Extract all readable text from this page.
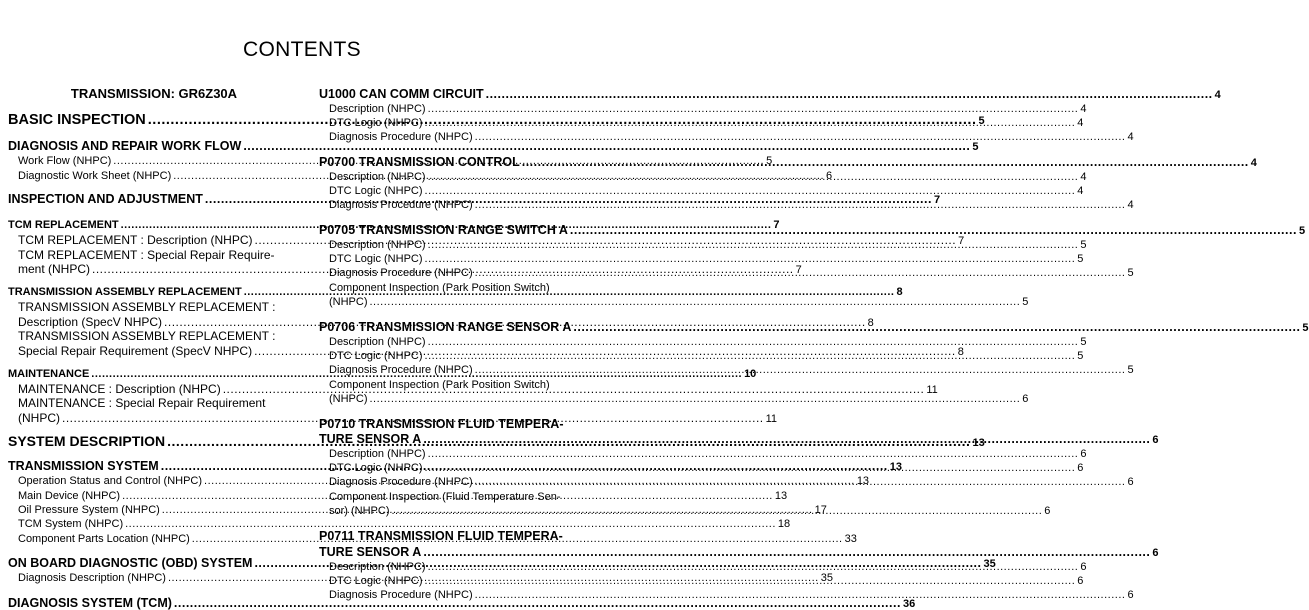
CONTENTS
TRANSMISSION: GR6Z30A
BASIC INSPECTION .....	5
DIAGNOSIS AND REPAIR WORK FLOW .....	5
Work Flow (NHPC) .....	5
Diagnostic Work Sheet (NHPC) .....	6
INSPECTION AND ADJUSTMENT .....	7
TCM REPLACEMENT .....	7
TCM REPLACEMENT : Description (NHPC) .....	7
TCM REPLACEMENT : Special Repair Require-
ment (NHPC) .....	7
TRANSMISSION ASSEMBLY REPLACEMENT .....	8
TRANSMISSION ASSEMBLY REPLACEMENT :
Description (SpecV NHPC) .....	8
TRANSMISSION ASSEMBLY REPLACEMENT :
Special Repair Requirement (SpecV NHPC) .....	8
MAINTENANCE .....	10
MAINTENANCE : Description (NHPC) .....	11
MAINTENANCE : Special Repair Requirement
(NHPC) .....	11
SYSTEM DESCRIPTION .....	13
TRANSMISSION SYSTEM .....	13
Operation Status and Control (NHPC) .....	13
Main Device (NHPC) .....	13
Oil Pressure System (NHPC) .....	17
TCM System (NHPC) .....	18
Component Parts Location (NHPC) .....	33
ON BOARD DIAGNOSTIC (OBD) SYSTEM .....	35
Diagnosis Description (NHPC) .....	35
DIAGNOSIS SYSTEM (TCM) .....	36
U1000 CAN COMM CIRCUIT .....	4
Description (NHPC) .....	4
DTC Logic (NHPC) .....	4
Diagnosis Procedure (NHPC) .....	4
P0700 TRANSMISSION CONTROL .....	4
Description (NHPC) .....	4
DTC Logic (NHPC) .....	4
Diagnosis Procedure (NHPC) .....	4
P0705 TRANSMISSION RANGE SWITCH A .....	5
Description (NHPC) .....	5
DTC Logic (NHPC) .....	5
Diagnosis Procedure (NHPC) .....	5
Component Inspection (Park Position Switch)
(NHPC) .....	5
P0706 TRANSMISSION RANGE SENSOR A .....	5
Description (NHPC) .....	5
DTC Logic (NHPC) .....	5
Diagnosis Procedure (NHPC) .....	5
Component Inspection (Park Position Switch)
(NHPC) .....	6
P0710 TRANSMISSION FLUID TEMPERA-
TURE SENSOR A .....	6
Description (NHPC) .....	6
DTC Logic (NHPC) .....	6
Diagnosis Procedure (NHPC) .....	6
Component Inspection (Fluid Temperature Sen-
sor) (NHPC) .....	6
P0711 TRANSMISSION FLUID TEMPERA-
TURE SENSOR A .....	6
Description (NHPC) .....	6
DTC Logic (NHPC) .....	6
Diagnosis Procedure (NHPC) .....	6
